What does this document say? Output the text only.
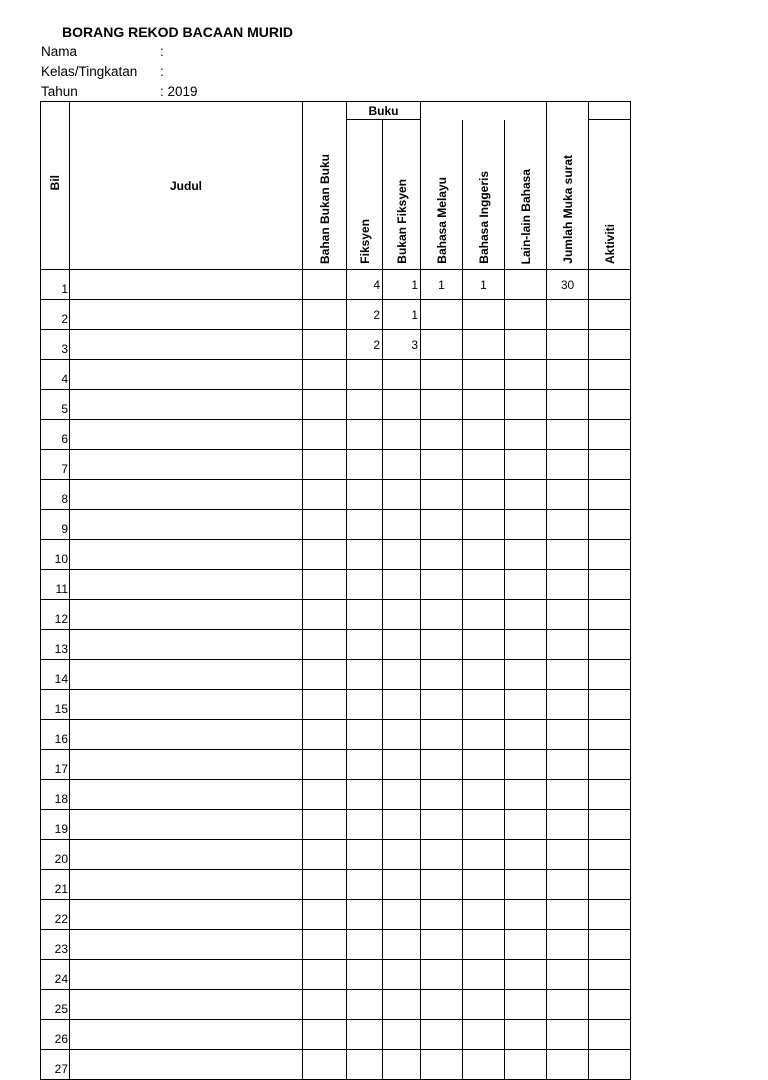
BORANG REKOD BACAAN MURID
Nama	:
Kelas/Tingkatan :
Tahun	: 2019
Bil	Judul	Bahan Bukan Buku	Buku						
			Fiksyen	Bukan Fiksyen	Bahasa Melayu	Bahasa Inggeris	Lain-lain Bahasa	Jumlah Muka surat	Aktiviti
1			4	1	1	1		30	
2			2	1					
3			2	3					
4									
5									
6									
7									
8									
9									
10									
11									
12									
13									
14									
15									
16									
17									
18									
19									
20									
21									
22									
23									
24									
25									
26									
27									
